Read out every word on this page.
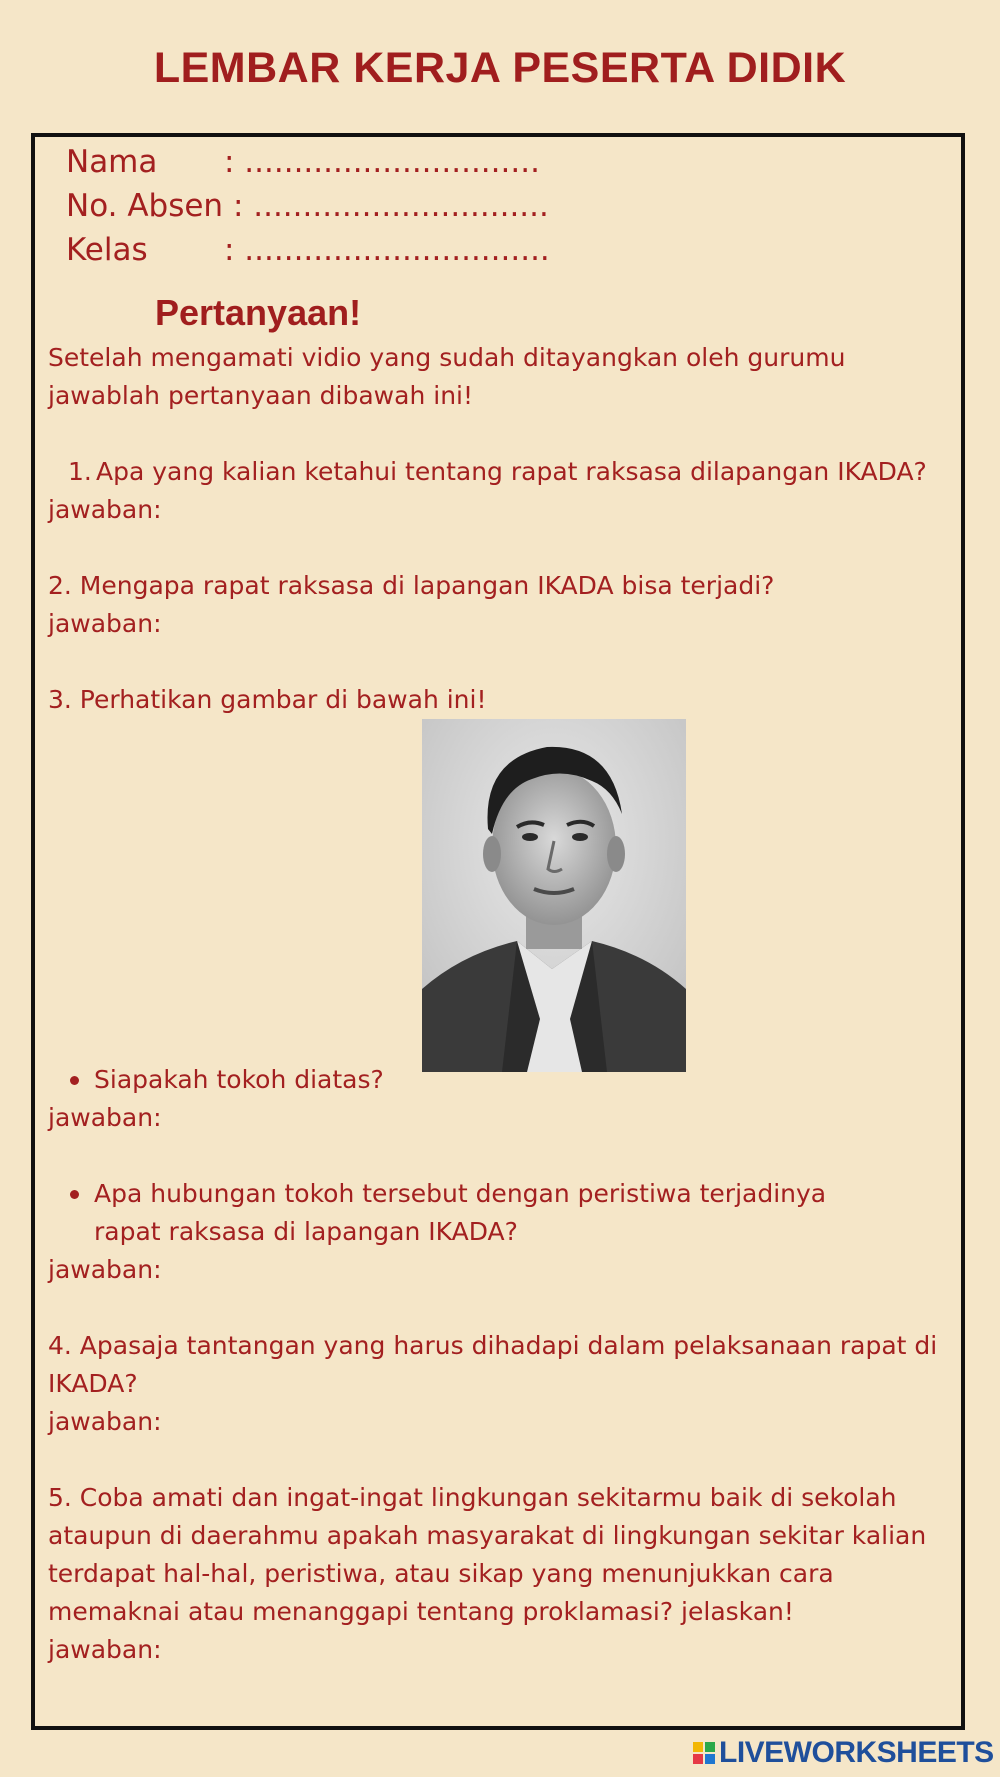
LEMBAR KERJA PESERTA DIDIK
Nama : ..............................
No. Absen : ..............................
Kelas : ...............................
Pertanyaan!

Setelah mengamati vidio yang sudah ditayangkan oleh gurumu jawablah pertanyaan dibawah ini!

1. Apa yang kalian ketahui tentang rapat raksasa dilapangan IKADA?

jawaban:

2. Mengapa rapat raksasa di lapangan IKADA bisa terjadi?

jawaban:

3. Perhatikan gambar di bawah ini!

Siapakah tokoh diatas?

jawaban:

Apa hubungan tokoh tersebut dengan peristiwa terjadinya rapat raksasa di lapangan IKADA?

jawaban:

4. Apasaja tantangan yang harus dihadapi dalam pelaksanaan rapat di IKADA?

jawaban:

5. Coba amati dan ingat-ingat lingkungan sekitarmu baik di sekolah ataupun di daerahmu apakah masyarakat di lingkungan sekitar kalian terdapat hal-hal, peristiwa, atau sikap yang menunjukkan cara memaknai atau menanggapi tentang proklamasi? jelaskan!

jawaban:

LIVEWORKSHEETS
